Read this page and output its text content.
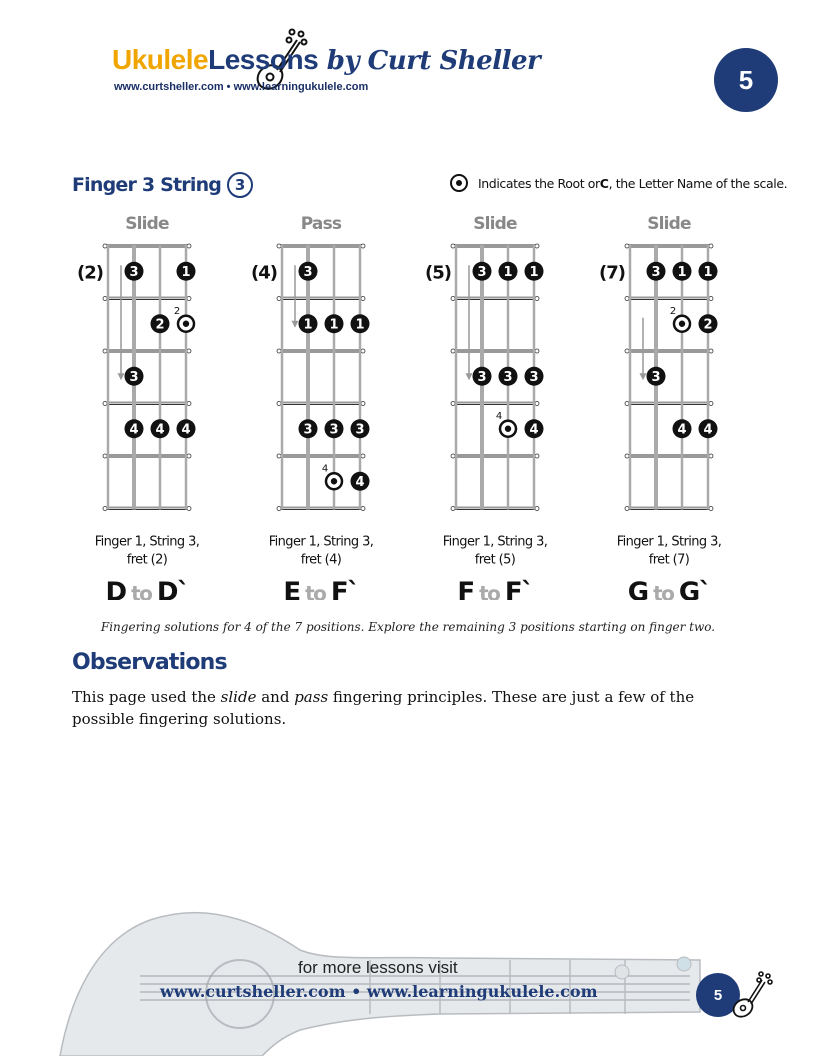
UkuleleLessons by Curt Sheller
www.curtsheller.com • www.learningukulele.com	5
Finger 3 String 3	Indicates the Root or C , the Letter Name of the scale.
Slide
(2) 3	1
2
2
3
4 4 4
Finger 1, String 3,
fret (2)
D to D`
Pass
(4) 3
1 1 1
3 3 3
4
4
Finger 1, String 3,
fret (4)
E to F`
Slide
(5) 3 1 1
3 3 3
4
4
Finger 1, String 3,
fret (5)
F to F`
Slide
(7) 3 1 1
2
2
3
4 4
Finger 1, String 3,
fret (7)
G to G`
Fingering solutions for 4 of the 7 positions. Explore the remaining 3 positions starting on finger two.
Observations
This page used the slide and pass fingering principles. These are just a few of the possible fingering solutions.
for more lessons visit
www.curtsheller.com • www.learningukulele.com	5
